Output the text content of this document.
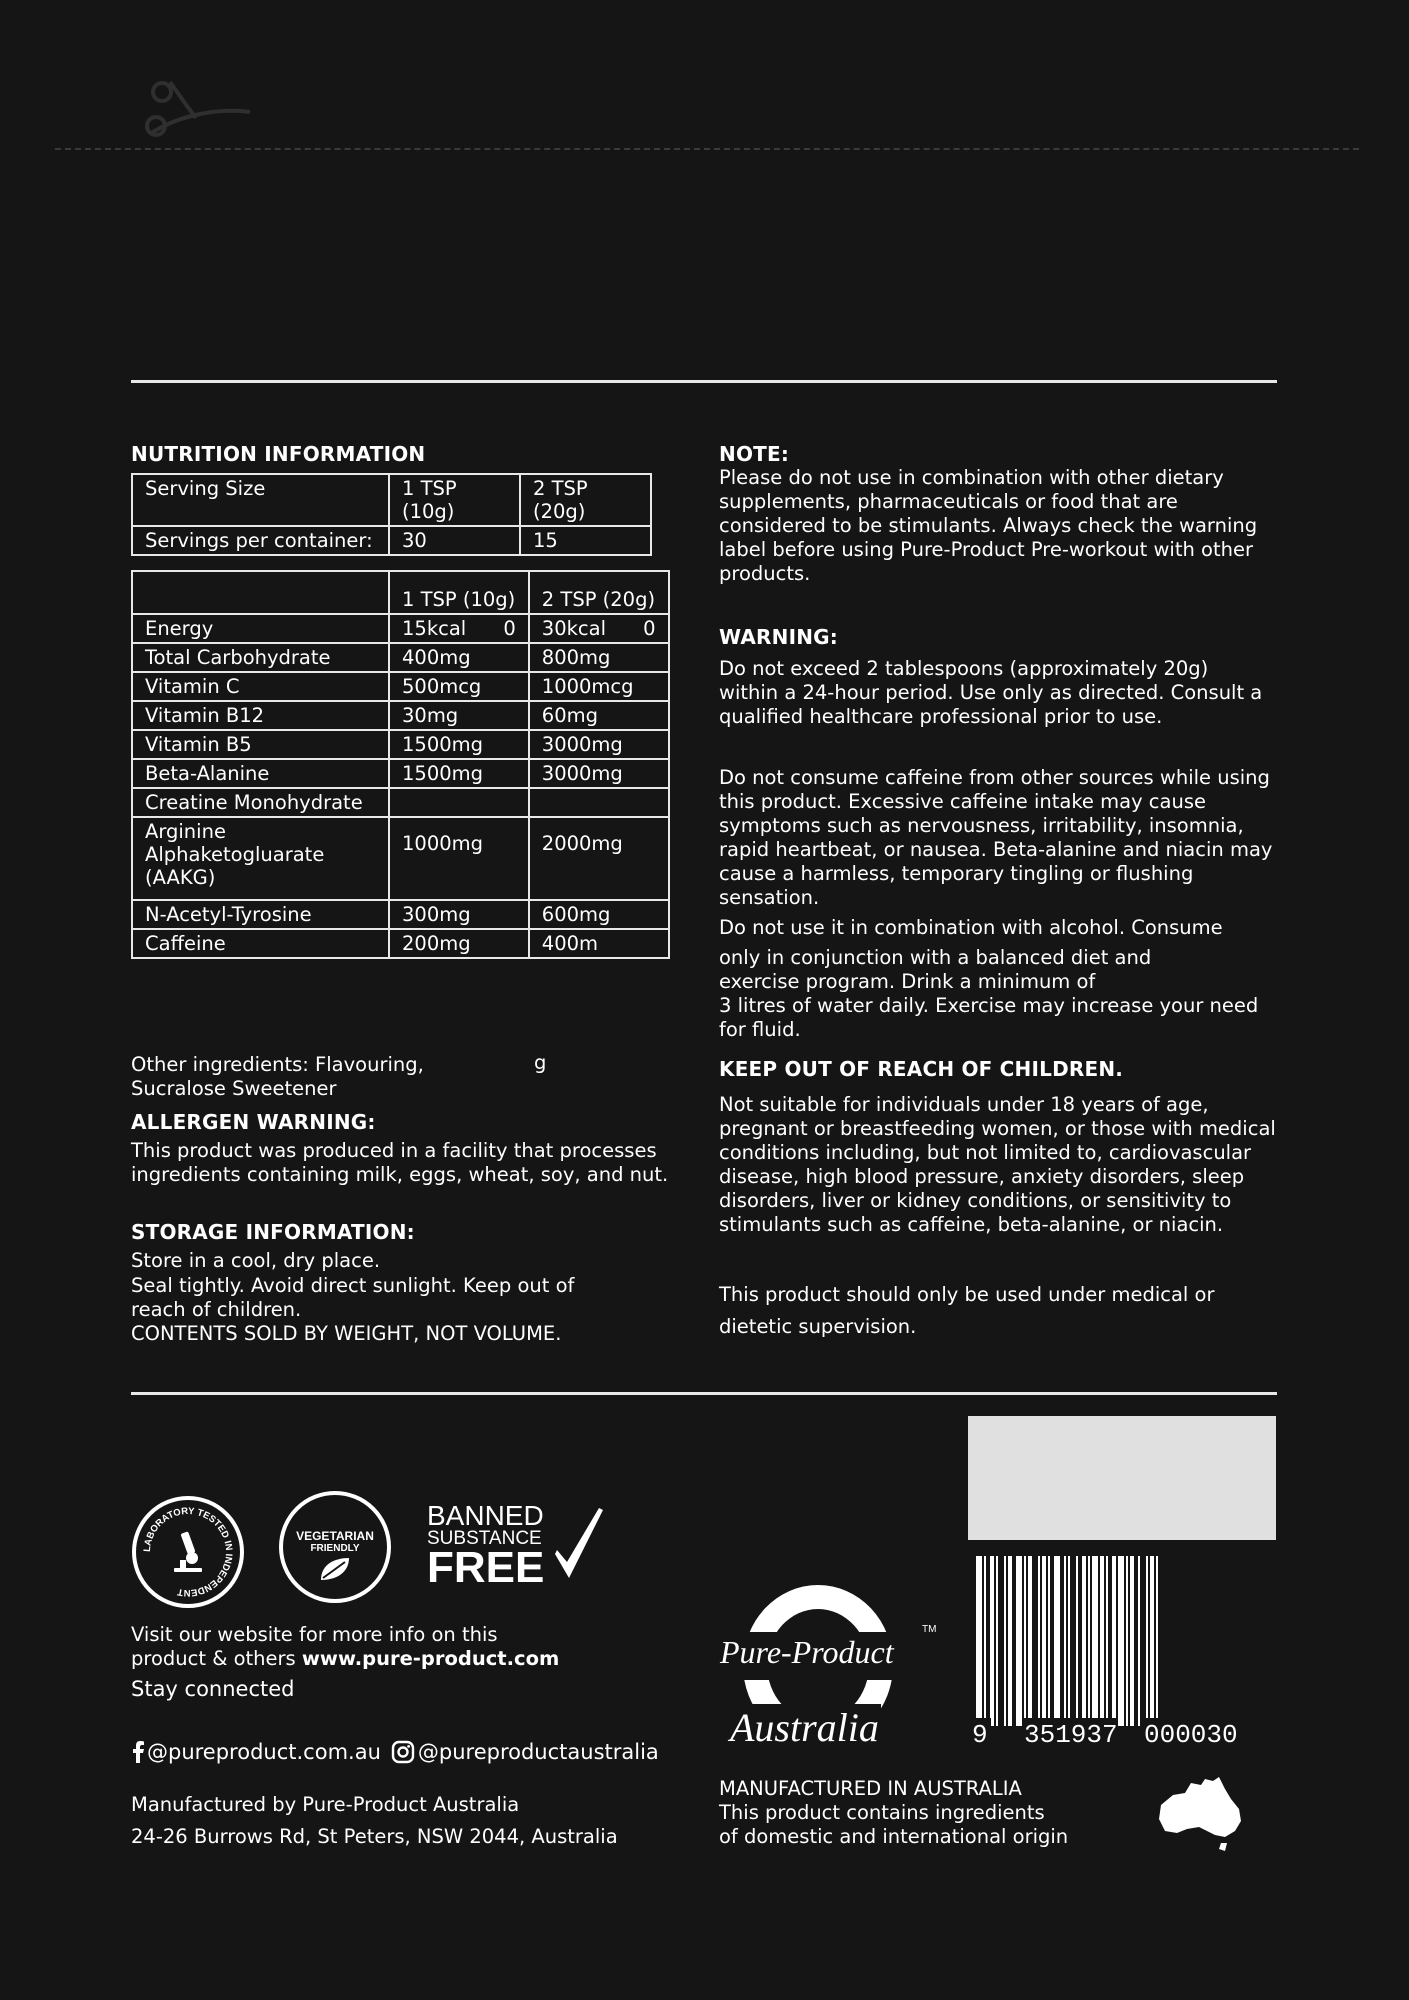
NUTRITION INFORMATION
Serving Size	1 TSP (10g)	2 TSP (20g)
Servings per container:	30	15
	1 TSP (10g)	2 TSP (20g)
Energy	15kcal      0	30kcal      0
Total Carbohydrate	400mg	800mg
Vitamin C	500mcg	1000mcg
Vitamin B12	30mg	60mg
Vitamin B5	1500mg	3000mg
Beta-Alanine	1500mg	3000mg
Creatine Monohydrate		
Arginine Alphaketogluarate (AAKG)	1000mg	2000mg
N-Acetyl-Tyrosine	300mg	600mg
Caffeine	200mg	400m
Other ingredients: Flavouring, Sucralose Sweetener
g
ALLERGEN WARNING:
This product was produced in a facility that processes ingredients containing milk, eggs, wheat, soy, and nut.
STORAGE INFORMATION:
Store in a cool, dry place.
Seal tightly. Avoid direct sunlight. Keep out of reach of children.
CONTENTS SOLD BY WEIGHT, NOT VOLUME.
NOTE:
Please do not use in combination with other dietary supplements, pharmaceuticals or food that are considered to be stimulants. Always check the warning label before using Pure-Product Pre-workout with other products.
WARNING:
Do not exceed 2 tablespoons (approximately 20g) within a 24-hour period. Use only as directed. Consult a qualified healthcare professional prior to use.
Do not consume caffeine from other sources while using this product. Excessive caffeine intake may cause symptoms such as nervousness, irritability, insomnia, rapid heartbeat, or nausea. Beta-alanine and niacin may cause a harmless, temporary tingling or flushing sensation.
Do not use it in combination with alcohol. Consume
only in conjunction with a balanced diet and exercise program. Drink a minimum of
3 litres of water daily. Exercise may increase your need for fluid.
KEEP OUT OF REACH OF CHILDREN.
Not suitable for individuals under 18 years of age, pregnant or breastfeeding women, or those with medical conditions including, but not limited to, cardiovascular disease, high blood pressure, anxiety disorders, sleep disorders, liver or kidney conditions, or sensitivity to stimulants such as caffeine, beta-alanine, or niacin.
This product should only be used under medical or
dietetic supervision.
LABORATORY TESTED IN INDEPENDENT
VEGETARIAN
FRIENDLY
BANNED
SUBSTANCE
FREE
Visit our website for more info on this
product & others www.pure-product.com
Stay connected
@pureproduct.com.au @pureproductaustralia
Manufactured by Pure-Product Australia
24-26 Burrows Rd, St Peters, NSW 2044, Australia
Pure-Product
Australia
TM
9 351937 000030
MANUFACTURED IN AUSTRALIA
This product contains ingredients
of domestic and international origin
